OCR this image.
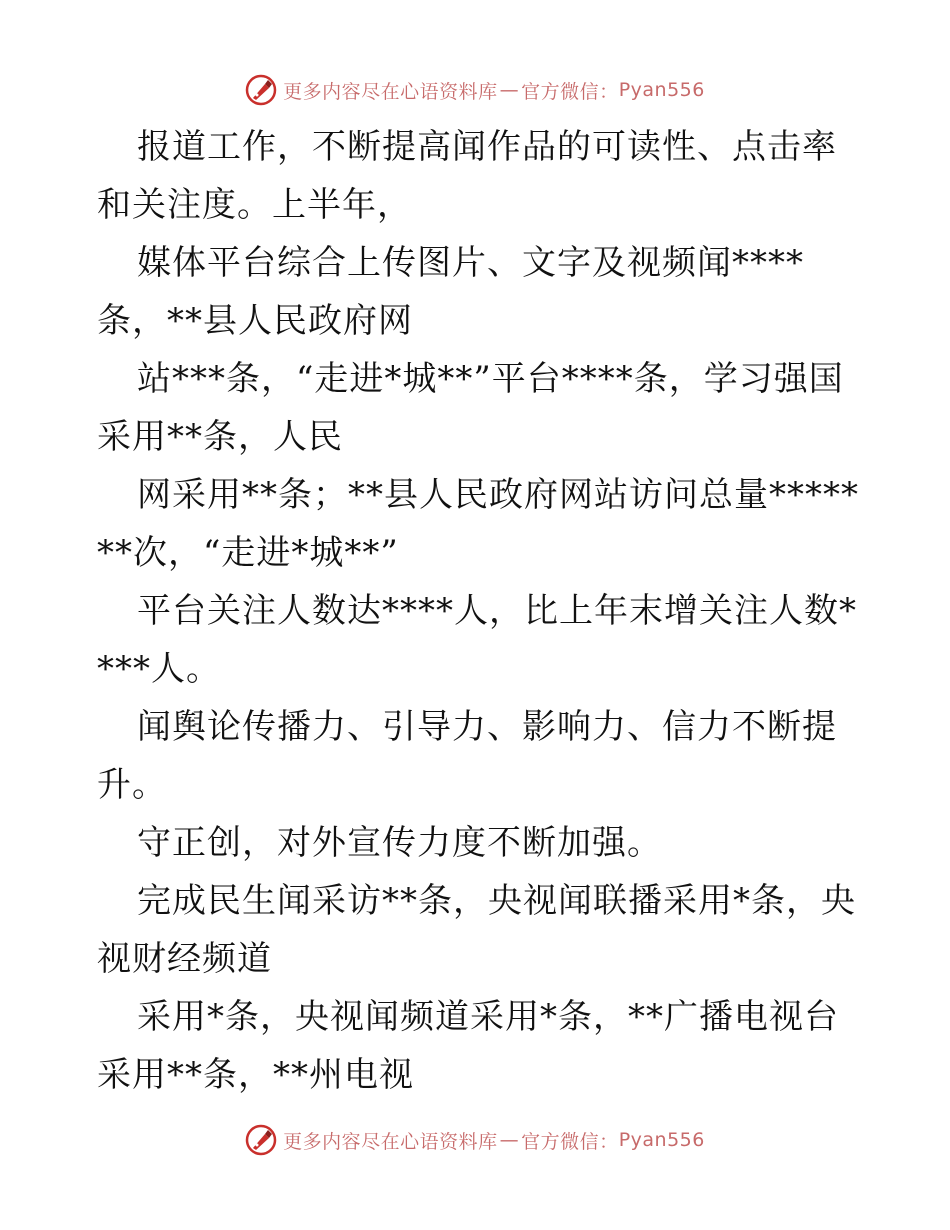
更多内容尽在心语资料库 — 官方微信： Pyan556

报道工作，不断提高闻作品的可读性、点击率和关注度。上半年，

媒体平台综合上传图片、文字及视频闻****条，**县人民政府网

站***条，“走进*城**”平台****条，学习强国采用**条，人民

网采用**条；**县人民政府网站访问总量*******次，“走进*城**”

平台关注人数达****人，比上年末增关注人数****人。

闻舆论传播力、引导力、影响力、信力不断提升。

守正创，对外宣传力度不断加强。

完成民生闻采访**条，央视闻联播采用*条，央视财经频道

采用*条，央视闻频道采用*条，**广播电视台采用**条，**州电视

更多内容尽在心语资料库 — 官方微信： Pyan556
